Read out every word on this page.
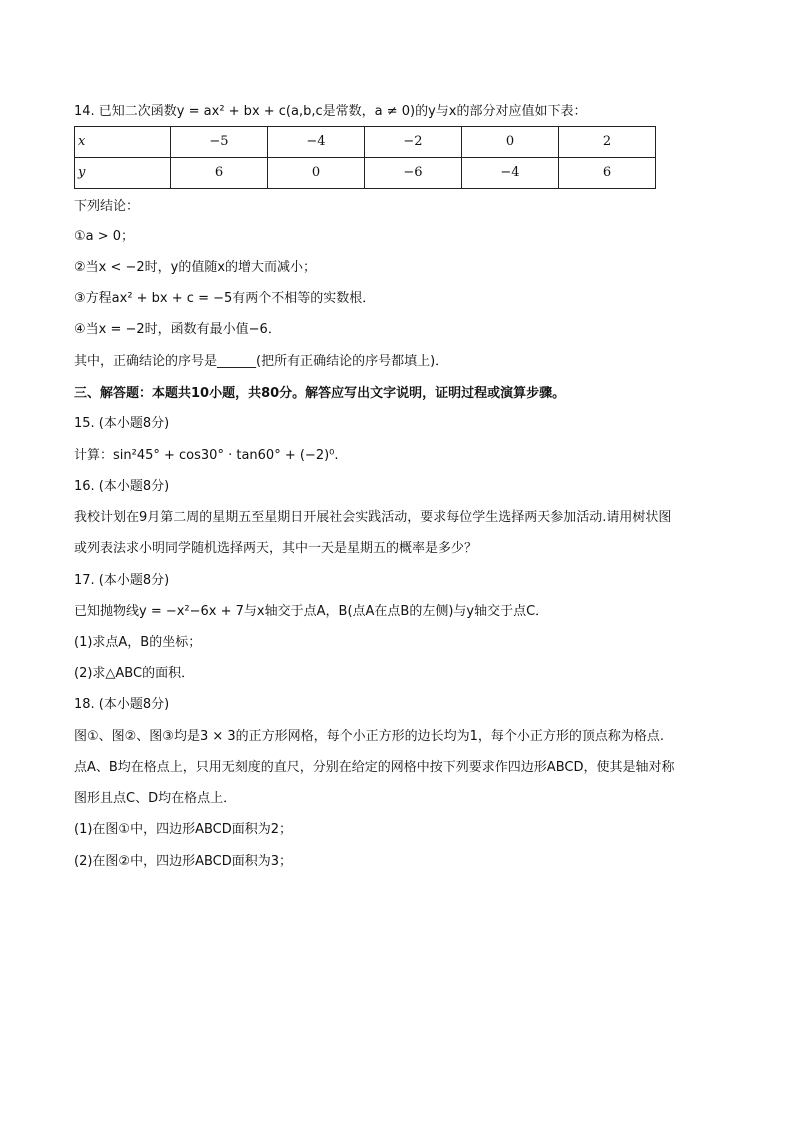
14. 已知二次函数y = ax² + bx + c(a,b,c是常数，a ≠ 0)的y与x的部分对应值如下表：
x	−5	−4	−2	0	2
y	6	0	−6	−4	6
下列结论：
①a > 0；
②当x < −2时，y的值随x的增大而减小；
③方程ax² + bx + c = −5有两个不相等的实数根．
④当x = −2时，函数有最小值−6．
其中，正确结论的序号是______(把所有正确结论的序号都填上)．
三、解答题：本题共10小题，共80分。解答应写出文字说明，证明过程或演算步骤。
15. (本小题8分)
计算：sin²45° + cos30° · tan60° + (−2)⁰.
16. (本小题8分)
我校计划在9月第二周的星期五至星期日开展社会实践活动，要求每位学生选择两天参加活动.请用树状图
或列表法求小明同学随机选择两天，其中一天是星期五的概率是多少？
17. (本小题8分)
已知抛物线y = −x²−6x + 7与x轴交于点A，B(点A在点B的左侧)与y轴交于点C．
(1)求点A，B的坐标；
(2)求△ABC的面积．
18. (本小题8分)
图①、图②、图③均是3 × 3的正方形网格，每个小正方形的边长均为1，每个小正方形的顶点称为格点.
点A、B均在格点上，只用无刻度的直尺，分别在给定的网格中按下列要求作四边形ABCD，使其是轴对称
图形且点C、D均在格点上．
(1)在图①中，四边形ABCD面积为2；
(2)在图②中，四边形ABCD面积为3；
